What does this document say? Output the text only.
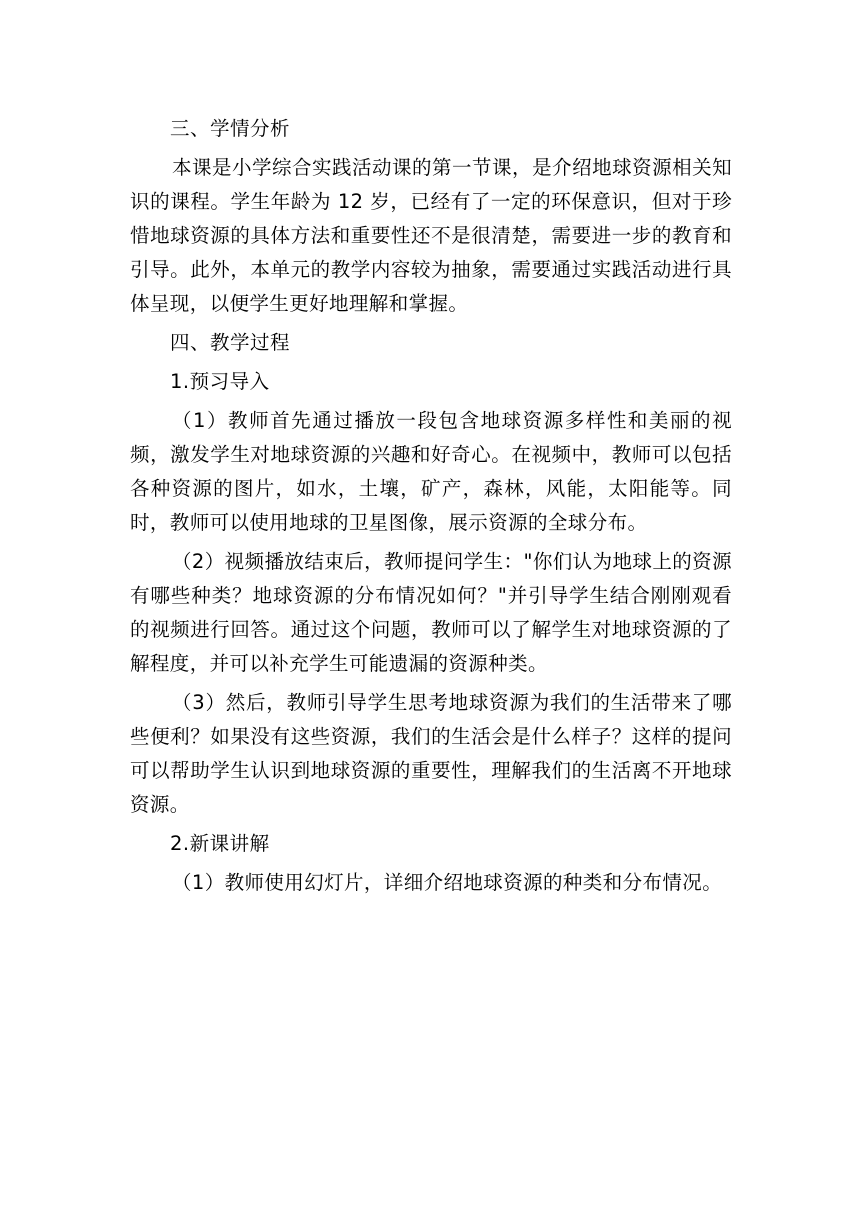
三、学情分析

本课是小学综合实践活动课的第一节课，是介绍地球资源相关知识的课程。学生年龄为 12 岁，已经有了一定的环保意识，但对于珍惜地球资源的具体方法和重要性还不是很清楚，需要进一步的教育和引导。此外，本单元的教学内容较为抽象，需要通过实践活动进行具体呈现，以便学生更好地理解和掌握。

四、教学过程

1.预习导入

（1）教师首先通过播放一段包含地球资源多样性和美丽的视频，激发学生对地球资源的兴趣和好奇心。在视频中，教师可以包括各种资源的图片，如水，土壤，矿产，森林，风能，太阳能等。同时，教师可以使用地球的卫星图像，展示资源的全球分布。

（2）视频播放结束后，教师提问学生："你们认为地球上的资源有哪些种类？地球资源的分布情况如何？"并引导学生结合刚刚观看的视频进行回答。通过这个问题，教师可以了解学生对地球资源的了解程度，并可以补充学生可能遗漏的资源种类。

（3）然后，教师引导学生思考地球资源为我们的生活带来了哪些便利？如果没有这些资源，我们的生活会是什么样子？这样的提问可以帮助学生认识到地球资源的重要性，理解我们的生活离不开地球资源。

2.新课讲解

（1）教师使用幻灯片，详细介绍地球资源的种类和分布情况。
